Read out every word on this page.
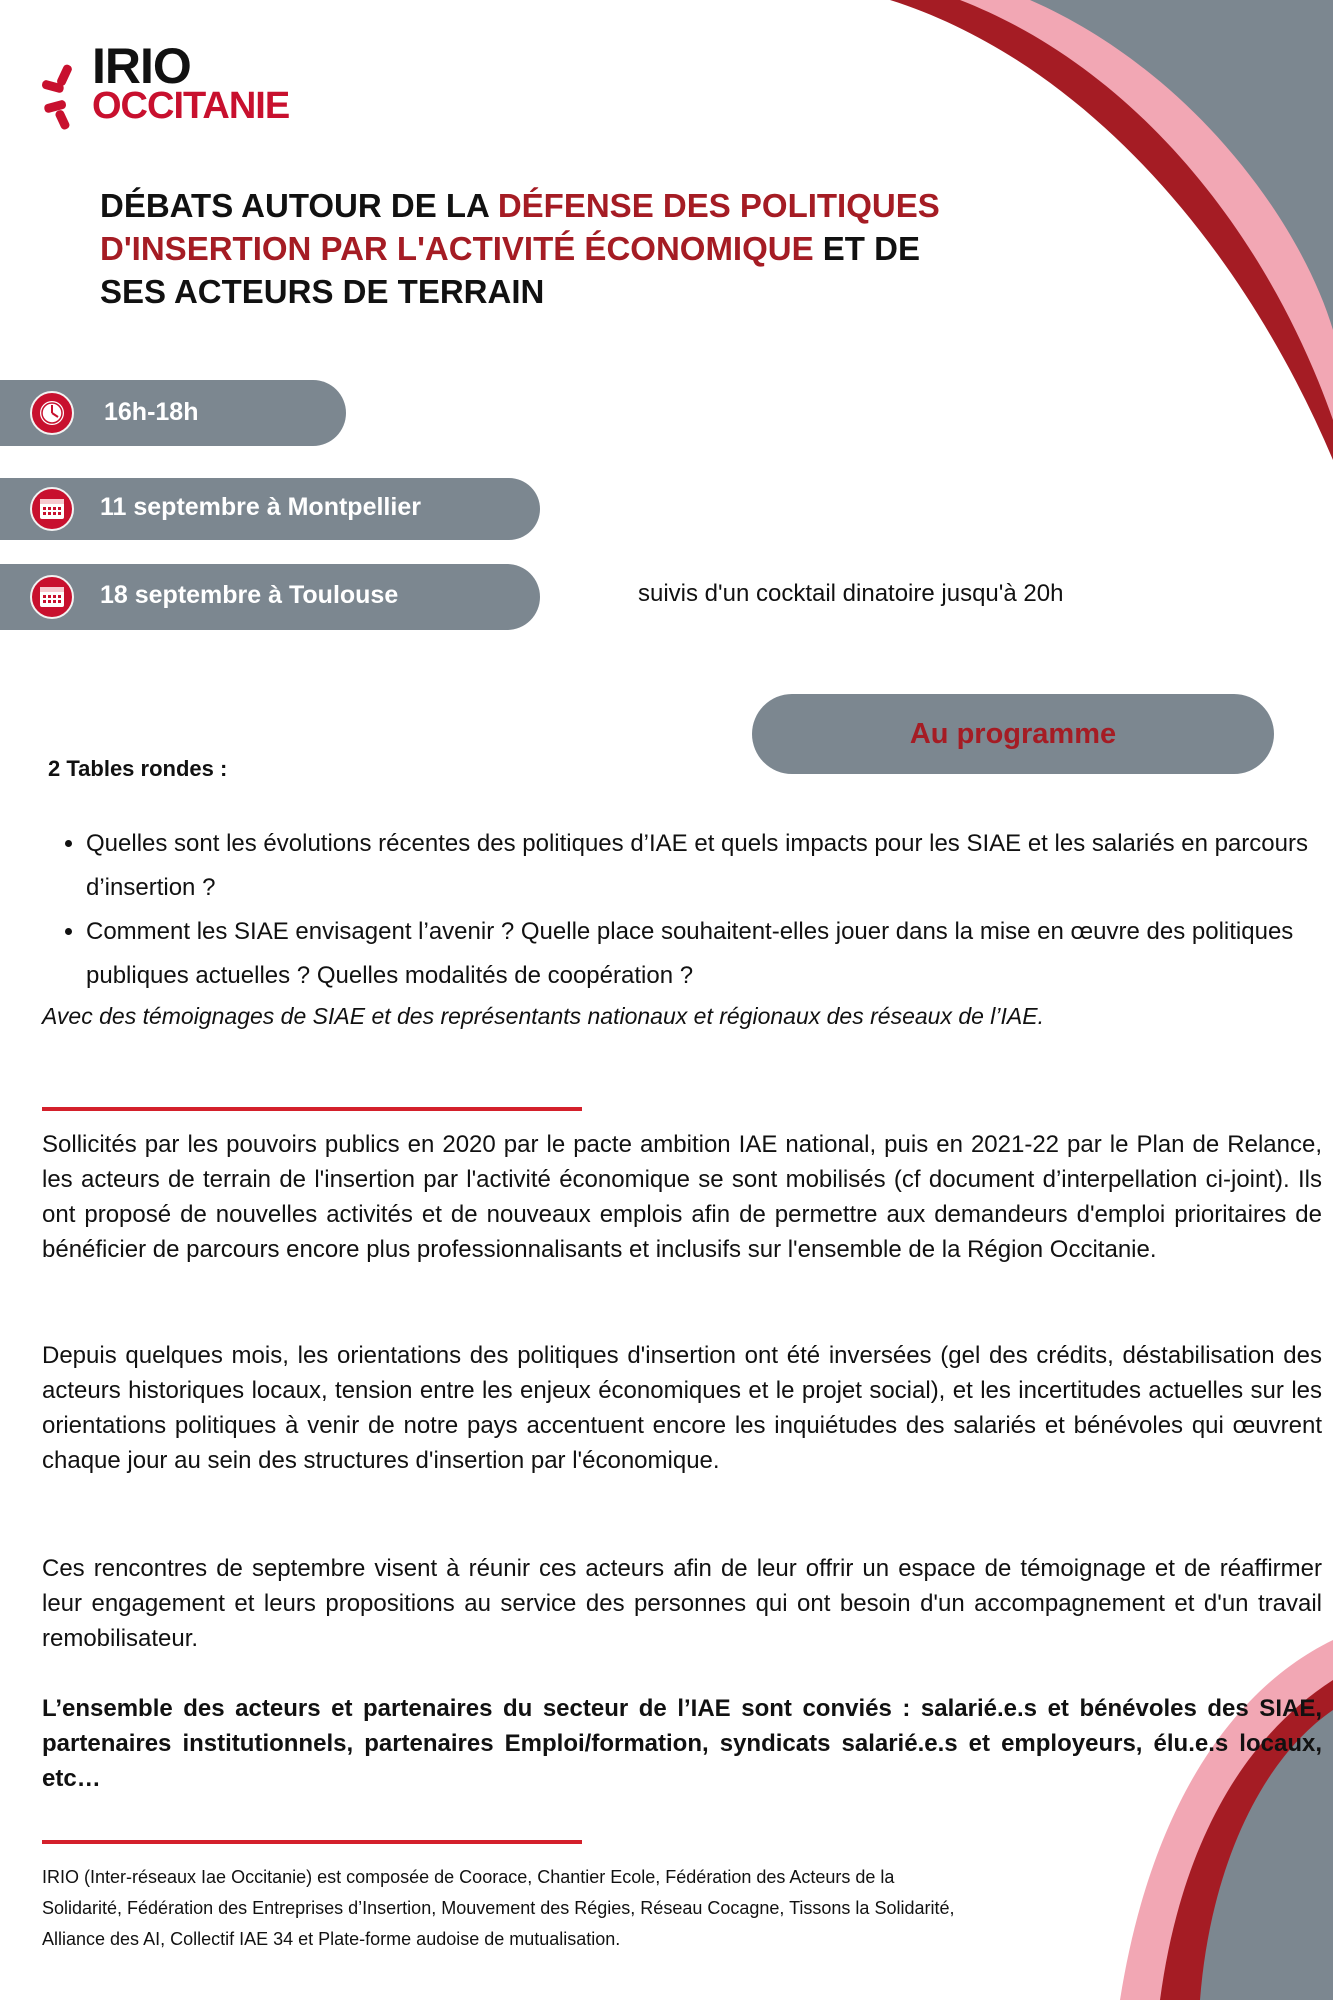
IRIO
OCCITANIE
DÉBATS AUTOUR DE LA DÉFENSE DES POLITIQUES D'INSERTION PAR L'ACTIVITÉ ÉCONOMIQUE ET DE SES ACTEURS DE TERRAIN
16h-18h
11 septembre à Montpellier
18 septembre à Toulouse	suivis d'un cocktail dinatoire jusqu'à 20h
Au programme
2 Tables rondes :
• Quelles sont les évolutions récentes des politiques d’IAE et quels impacts pour les SIAE et les salariés en parcours d’insertion ?
• Comment les SIAE envisagent l’avenir ? Quelle place souhaitent-elles jouer dans la mise en œuvre des politiques publiques actuelles ? Quelles modalités de coopération ?
Avec des témoignages de SIAE et des représentants nationaux et régionaux des réseaux de l’IAE.
Sollicités par les pouvoirs publics en 2020 par le pacte ambition IAE national, puis en 2021-22 par le Plan de Relance, les acteurs de terrain de l'insertion par l'activité économique se sont mobilisés (cf document d’interpellation ci-joint). Ils ont proposé de nouvelles activités et de nouveaux emplois afin de permettre aux demandeurs d'emploi prioritaires de bénéficier de parcours encore plus professionnalisants et inclusifs sur l'ensemble de la Région Occitanie.
Depuis quelques mois, les orientations des politiques d'insertion ont été inversées (gel des crédits, déstabilisation des acteurs historiques locaux, tension entre les enjeux économiques et le projet social), et les incertitudes actuelles sur les orientations politiques à venir de notre pays accentuent encore les inquiétudes des salariés et bénévoles qui œuvrent chaque jour au sein des structures d'insertion par l'économique.
Ces rencontres de septembre visent à réunir ces acteurs afin de leur offrir un espace de témoignage et de réaffirmer leur engagement et leurs propositions au service des personnes qui ont besoin d'un accompagnement et d'un travail remobilisateur.
L’ensemble des acteurs et partenaires du secteur de l’IAE sont conviés : salarié.e.s et bénévoles des SIAE, partenaires institutionnels, partenaires Emploi/formation, syndicats salarié.e.s et employeurs, élu.e.s locaux, etc…
IRIO (Inter-réseaux Iae Occitanie) est composée de Coorace, Chantier Ecole, Fédération des Acteurs de la Solidarité, Fédération des Entreprises d’Insertion, Mouvement des Régies, Réseau Cocagne, Tissons la Solidarité, Alliance des AI, Collectif IAE 34 et Plate-forme audoise de mutualisation.
